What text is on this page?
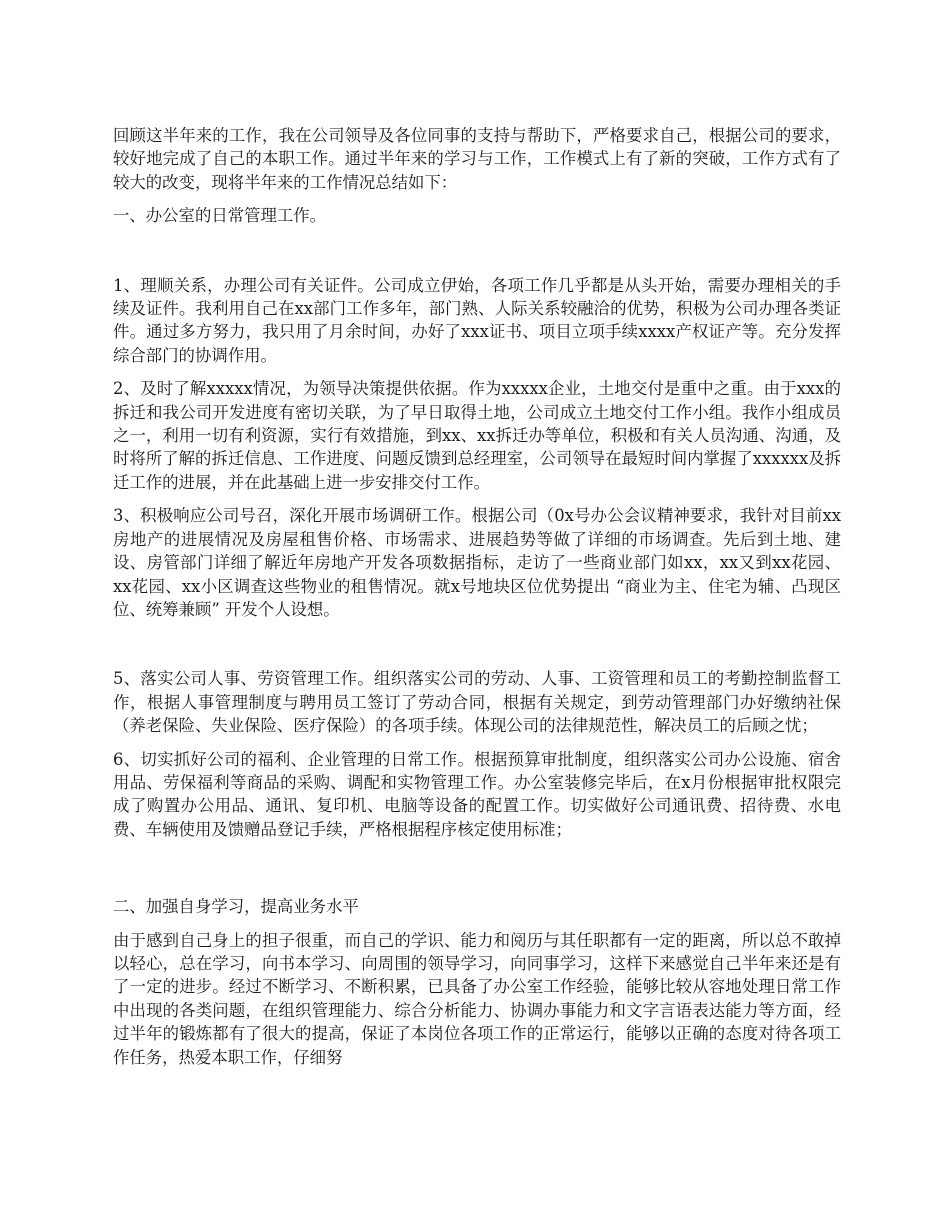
回顾这半年来的工作，我在公司领导及各位同事的支持与帮助下，严格要求自己，根据公司的要求，较好地完成了自己的本职工作。通过半年来的学习与工作，工作模式上有了新的突破，工作方式有了较大的改变，现将半年来的工作情况总结如下：

一、办公室的日常管理工作。

1、理顺关系，办理公司有关证件。公司成立伊始，各项工作几乎都是从头开始，需要办理相关的手续及证件。我利用自己在xx部门工作多年，部门熟、人际关系较融洽的优势，积极为公司办理各类证件。通过多方努力，我只用了月余时间，办好了xxx证书、项目立项手续xxxx产权证产等。充分发挥综合部门的协调作用。

2、及时了解xxxxx情况，为领导决策提供依据。作为xxxxx企业，土地交付是重中之重。由于xxx的拆迁和我公司开发进度有密切关联，为了早日取得土地，公司成立土地交付工作小组。我作小组成员之一，利用一切有利资源，实行有效措施，到xx、xx拆迁办等单位，积极和有关人员沟通、沟通，及时将所了解的拆迁信息、工作进度、问题反馈到总经理室，公司领导在最短时间内掌握了xxxxxx及拆迁工作的进展，并在此基础上进一步安排交付工作。

3、积极响应公司号召，深化开展市场调研工作。根据公司（0x号办公会议精神要求，我针对目前xx房地产的进展情况及房屋租售价格、市场需求、进展趋势等做了详细的市场调查。先后到土地、建设、房管部门详细了解近年房地产开发各项数据指标，走访了一些商业部门如xx，xx又到xx花园、xx花园、xx小区调查这些物业的租售情况。就x号地块区位优势提出 “商业为主、住宅为辅、凸现区位、统筹兼顾” 开发个人设想。

5、落实公司人事、劳资管理工作。组织落实公司的劳动、人事、工资管理和员工的考勤控制监督工作，根据人事管理制度与聘用员工签订了劳动合同，根据有关规定，到劳动管理部门办好缴纳社保（养老保险、失业保险、医疗保险）的各项手续。体现公司的法律规范性，解决员工的后顾之忧；

6、切实抓好公司的福利、企业管理的日常工作。根据预算审批制度，组织落实公司办公设施、宿舍用品、劳保福利等商品的采购、调配和实物管理工作。办公室装修完毕后，在x月份根据审批权限完成了购置办公用品、通讯、复印机、电脑等设备的配置工作。切实做好公司通讯费、招待费、水电费、车辆使用及馈赠品登记手续，严格根据程序核定使用标准；

二、加强自身学习，提高业务水平

由于感到自己身上的担子很重，而自己的学识、能力和阅历与其任职都有一定的距离，所以总不敢掉以轻心，总在学习，向书本学习、向周围的领导学习，向同事学习，这样下来感觉自己半年来还是有了一定的进步。经过不断学习、不断积累，已具备了办公室工作经验，能够比较从容地处理日常工作中出现的各类问题，在组织管理能力、综合分析能力、协调办事能力和文字言语表达能力等方面，经过半年的锻炼都有了很大的提高，保证了本岗位各项工作的正常运行，能够以正确的态度对待各项工作任务，热爱本职工作，仔细努
